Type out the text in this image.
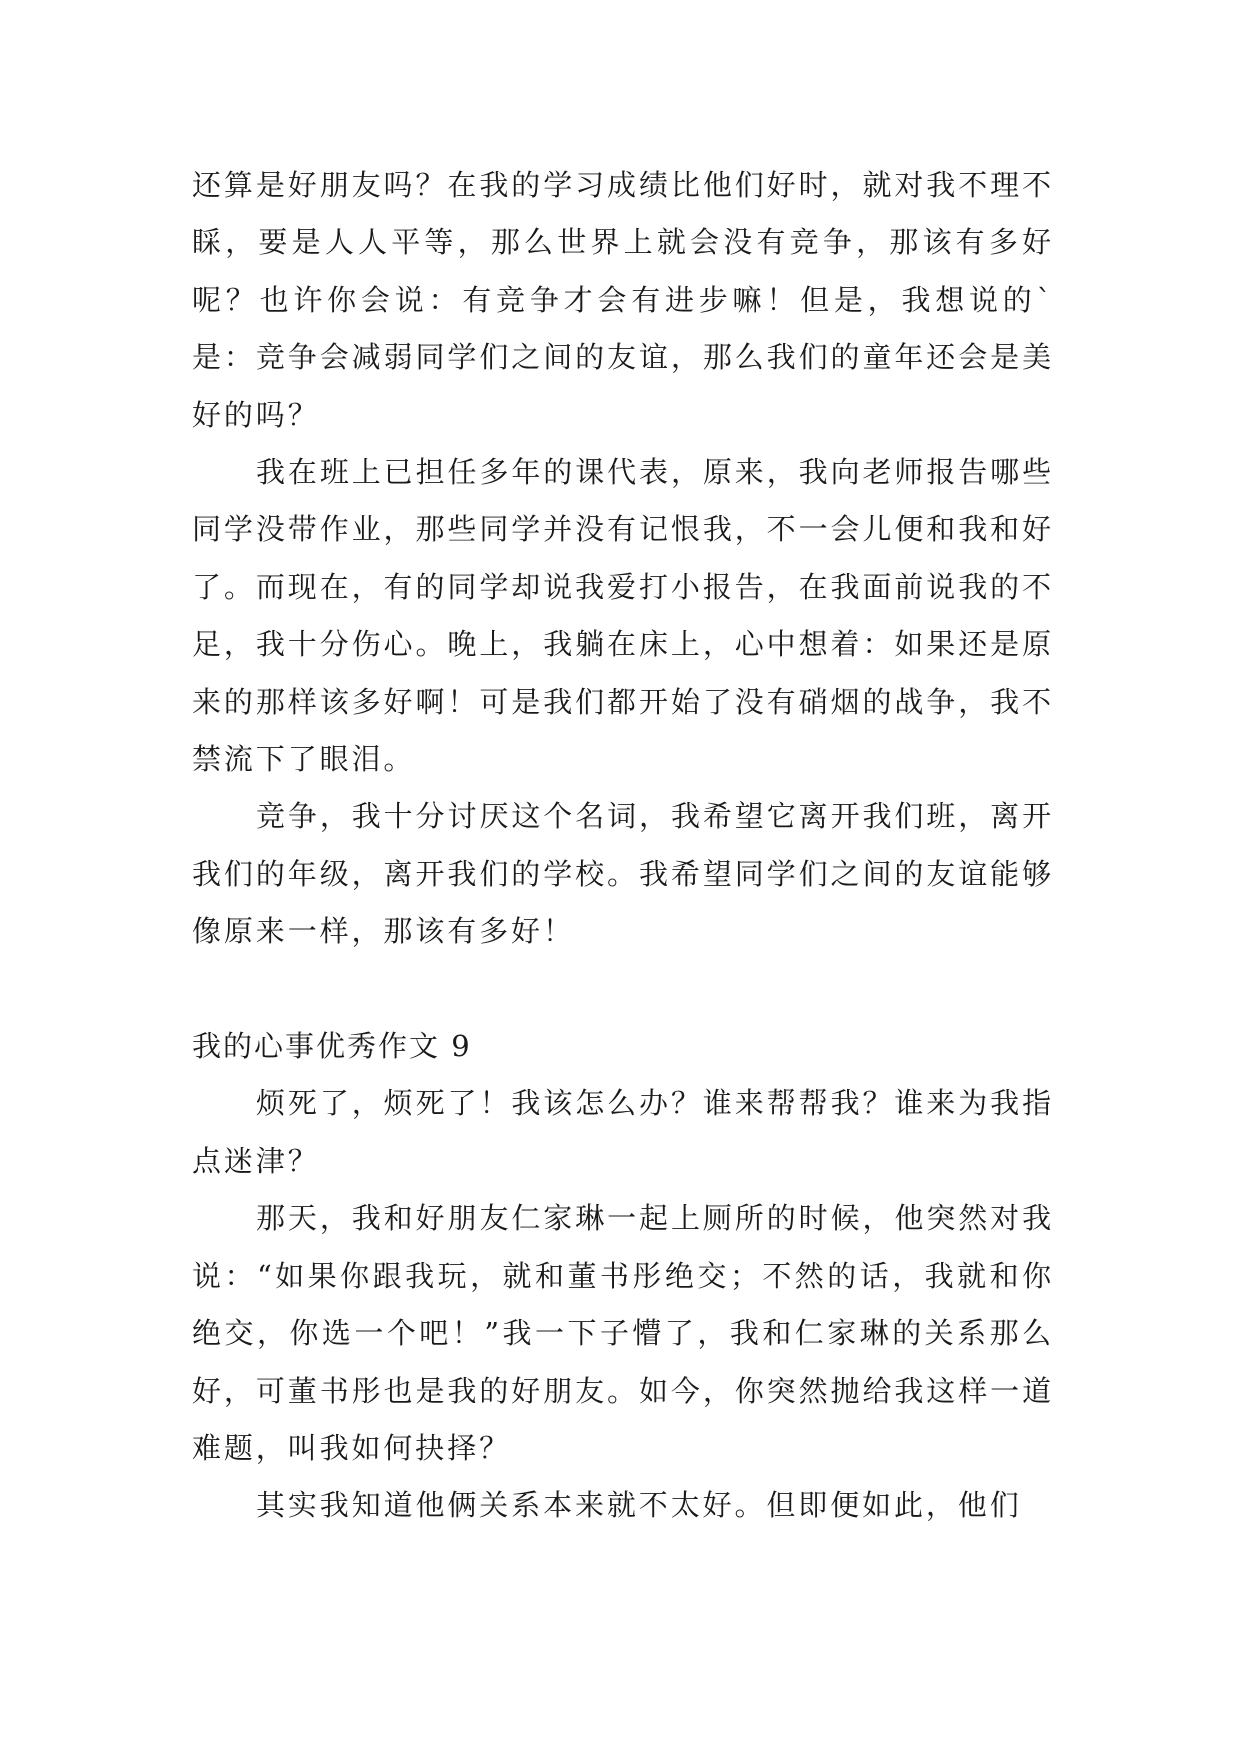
还算是好朋友吗？在我的学习成绩比他们好时，就对我不理不睬，要是人人平等，那么世界上就会没有竞争，那该有多好呢？也许你会说：有竞争才会有进步嘛！但是，我想说的`是：竞争会减弱同学们之间的友谊，那么我们的童年还会是美好的吗？

我在班上已担任多年的课代表，原来，我向老师报告哪些同学没带作业，那些同学并没有记恨我，不一会儿便和我和好了。而现在，有的同学却说我爱打小报告，在我面前说我的不足，我十分伤心。晚上，我躺在床上，心中想着：如果还是原来的那样该多好啊！可是我们都开始了没有硝烟的战争，我不禁流下了眼泪。

竞争，我十分讨厌这个名词，我希望它离开我们班，离开我们的年级，离开我们的学校。我希望同学们之间的友谊能够像原来一样，那该有多好！

我的心事优秀作文 9

烦死了，烦死了！我该怎么办？谁来帮帮我？谁来为我指点迷津？

那天，我和好朋友仁家琳一起上厕所的时候，他突然对我说：“如果你跟我玩，就和董书彤绝交；不然的话，我就和你绝交，你选一个吧！”我一下子懵了，我和仁家琳的关系那么好，可董书彤也是我的好朋友。如今，你突然抛给我这样一道难题，叫我如何抉择？

其实我知道他俩关系本来就不太好。但即便如此，他们
